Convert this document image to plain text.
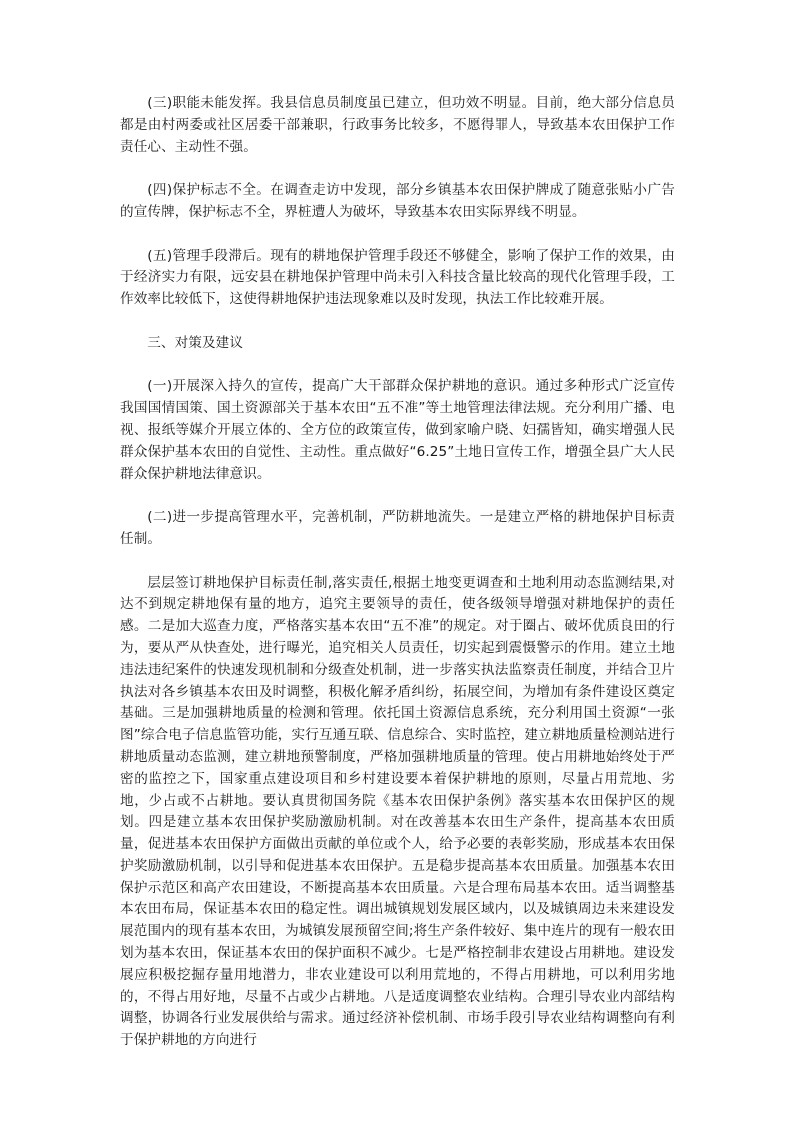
(三)职能未能发挥。我县信息员制度虽已建立，但功效不明显。目前，绝大部分信息员都是由村两委或社区居委干部兼职，行政事务比较多，不愿得罪人，导致基本农田保护工作责任心、主动性不强。

(四)保护标志不全。在调查走访中发现，部分乡镇基本农田保护牌成了随意张贴小广告的宣传牌，保护标志不全，界桩遭人为破坏，导致基本农田实际界线不明显。

(五)管理手段滞后。现有的耕地保护管理手段还不够健全，影响了保护工作的效果，由于经济实力有限，远安县在耕地保护管理中尚未引入科技含量比较高的现代化管理手段，工作效率比较低下，这使得耕地保护违法现象难以及时发现，执法工作比较难开展。

三、对策及建议

(一)开展深入持久的宣传，提高广大干部群众保护耕地的意识。通过多种形式广泛宣传我国国情国策、国土资源部关于基本农田“五不准”等土地管理法律法规。充分利用广播、电视、报纸等媒介开展立体的、全方位的政策宣传，做到家喻户晓、妇孺皆知，确实增强人民群众保护基本农田的自觉性、主动性。重点做好“6.25”土地日宣传工作，增强全县广大人民群众保护耕地法律意识。

(二)进一步提高管理水平，完善机制，严防耕地流失。一是建立严格的耕地保护目标责任制。

层层签订耕地保护目标责任制,落实责任,根据土地变更调查和土地利用动态监测结果,对达不到规定耕地保有量的地方，追究主要领导的责任，使各级领导增强对耕地保护的责任感。二是加大巡查力度，严格落实基本农田“五不准”的规定。对于圈占、破坏优质良田的行为，要从严从快查处，进行曝光，追究相关人员责任，切实起到震慑警示的作用。建立土地违法违纪案件的快速发现机制和分级查处机制，进一步落实执法监察责任制度，并结合卫片执法对各乡镇基本农田及时调整，积极化解矛盾纠纷，拓展空间，为增加有条件建设区奠定基础。三是加强耕地质量的检测和管理。依托国土资源信息系统，充分利用国土资源“一张图”综合电子信息监管功能，实行互通互联、信息综合、实时监控，建立耕地质量检测站进行耕地质量动态监测，建立耕地预警制度，严格加强耕地质量的管理。使占用耕地始终处于严密的监控之下，国家重点建设项目和乡村建设要本着保护耕地的原则，尽量占用荒地、劣地，少占或不占耕地。要认真贯彻国务院《基本农田保护条例》落实基本农田保护区的规划。四是建立基本农田保护奖励激励机制。对在改善基本农田生产条件，提高基本农田质量，促进基本农田保护方面做出贡献的单位或个人，给予必要的表彰奖励，形成基本农田保护奖励激励机制，以引导和促进基本农田保护。五是稳步提高基本农田质量。加强基本农田保护示范区和高产农田建设，不断提高基本农田质量。六是合理布局基本农田。适当调整基本农田布局，保证基本农田的稳定性。调出城镇规划发展区域内，以及城镇周边未来建设发展范围内的现有基本农田，为城镇发展预留空间;将生产条件较好、集中连片的现有一般农田划为基本农田，保证基本农田的保护面积不减少。七是严格控制非农建设占用耕地。建设发展应积极挖掘存量用地潜力，非农业建设可以利用荒地的，不得占用耕地，可以利用劣地的，不得占用好地，尽量不占或少占耕地。八是适度调整农业结构。合理引导农业内部结构调整，协调各行业发展供给与需求。通过经济补偿机制、市场手段引导农业结构调整向有利于保护耕地的方向进行
